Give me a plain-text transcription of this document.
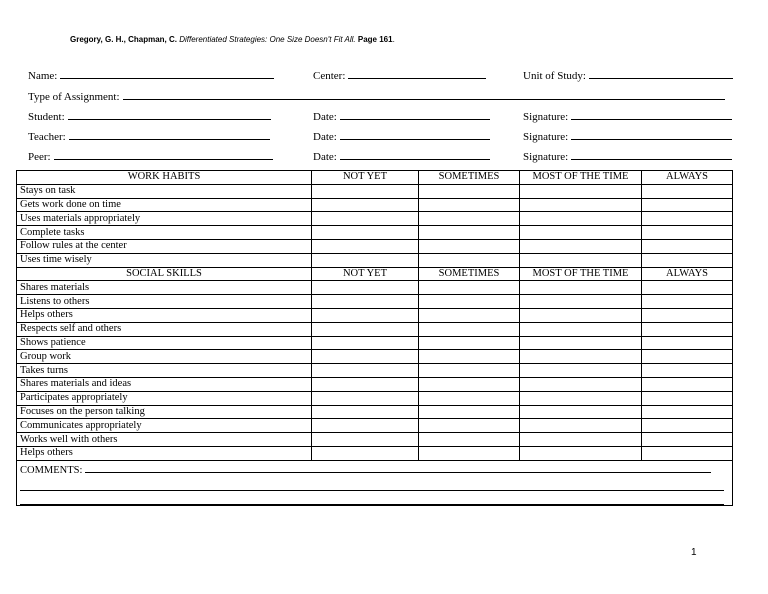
Gregory, G. H., Chapman, C. Differentiated Strategies: One Size Doesn't Fit All. Page 161.
Name:	Center:	Unit of Study:
Type of Assignment:
Student:	Date:	Signature:
Teacher:	Date:	Signature:
Peer:	Date:	Signature:
WORK HABITS	NOT YET	SOMETIMES	MOST OF THE TIME	ALWAYS
Stays on task				
Gets work done on time				
Uses materials appropriately				
Complete tasks				
Follow rules at the center				
Uses time wisely				
SOCIAL SKILLS	NOT YET	SOMETIMES	MOST OF THE TIME	ALWAYS
Shares materials				
Listens to others				
Helps others				
Respects self and others				
Shows patience				
Group work				
Takes turns				
Shares materials and ideas				
Participates appropriately				
Focuses on the person talking				
Communicates appropriately				
Works well with others				
Helps others				

COMMENTS:				
1
